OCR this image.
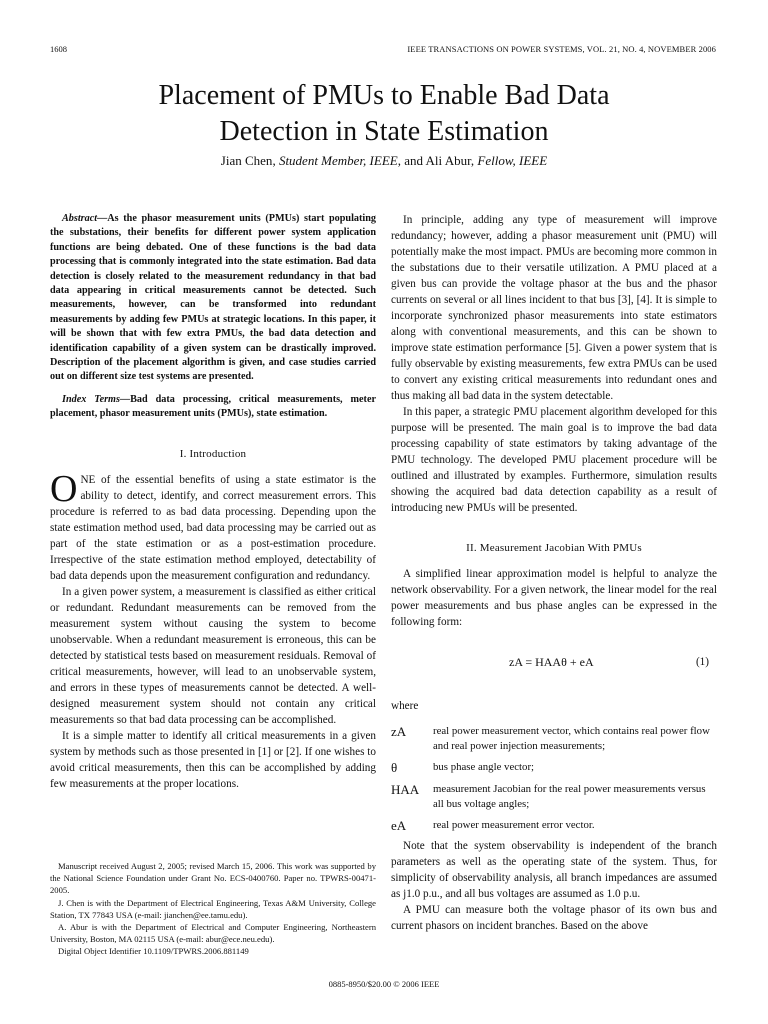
1608	IEEE TRANSACTIONS ON POWER SYSTEMS, VOL. 21, NO. 4, NOVEMBER 2006
Placement of PMUs to Enable Bad Data
Detection in State Estimation
Jian Chen, Student Member, IEEE, and Ali Abur, Fellow, IEEE

Abstract—As the phasor measurement units (PMUs) start populating the substations, their benefits for different power system application functions are being debated. One of these functions is the bad data processing that is commonly integrated into the state estimation. Bad data detection is closely related to the measurement redundancy in that bad data appearing in critical measurements cannot be detected. Such measurements, however, can be transformed into redundant measurements by adding few PMUs at strategic locations. In this paper, it will be shown that with few extra PMUs, the bad data detection and identification capability of a given system can be drastically improved. Description of the placement algorithm is given, and case studies carried out on different size test systems are presented.

Index Terms—Bad data processing, critical measurements, meter placement, phasor measurement units (PMUs), state estimation.

I. Introduction

ONE of the essential benefits of using a state estimator is the ability to detect, identify, and correct measurement errors. This procedure is referred to as bad data processing. Depending upon the state estimation method used, bad data processing may be carried out as part of the state estimation or as a post-estimation procedure. Irrespective of the state estimation method employed, detectability of bad data depends upon the measurement configuration and redundancy.

In a given power system, a measurement is classified as either critical or redundant. Redundant measurements can be removed from the measurement system without causing the system to become unobservable. When a redundant measurement is erroneous, this can be detected by statistical tests based on measurement residuals. Removal of critical measurements, however, will lead to an unobservable system, and errors in these types of measurements cannot be detected. A well-designed measurement system should not contain any critical measurements so that bad data processing can be accomplished.

It is a simple matter to identify all critical measurements in a given system by methods such as those presented in [1] or [2]. If one wishes to avoid critical measurements, then this can be accomplished by adding few measurements at the proper locations.

In principle, adding any type of measurement will improve redundancy; however, adding a phasor measurement unit (PMU) will potentially make the most impact. PMUs are becoming more common in the substations due to their versatile utilization. A PMU placed at a given bus can provide the voltage phasor at the bus and the phasor currents on several or all lines incident to that bus [3], [4]. It is simple to incorporate synchronized phasor measurements into state estimators along with conventional measurements, and this can be shown to improve state estimation performance [5]. Given a power system that is fully observable by existing measurements, few extra PMUs can be used to convert any existing critical measurements into redundant ones and thus making all bad data in the system detectable.

In this paper, a strategic PMU placement algorithm developed for this purpose will be presented. The main goal is to improve the bad data processing capability of state estimators by taking advantage of the PMU technology. The developed PMU placement procedure will be outlined and illustrated by examples. Furthermore, simulation results showing the acquired bad data detection capability as a result of introducing new PMUs will be presented.

II. Measurement Jacobian With PMUs

A simplified linear approximation model is helpful to analyze the network observability. For a given network, the linear model for the real power measurements and bus phase angles can be expressed in the following form:

zA = HAAθ + eA	(1)

where

zA	real power measurement vector, which contains real power flow and real power injection measurements;
θ	bus phase angle vector;
HAA	measurement Jacobian for the real power measurements versus all bus voltage angles;
eA	real power measurement error vector.

Note that the system observability is independent of the branch parameters as well as the operating state of the system. Thus, for simplicity of observability analysis, all branch impedances are assumed as j1.0 p.u., and all bus voltages are assumed as 1.0 p.u.

A PMU can measure both the voltage phasor of its own bus and current phasors on incident branches. Based on the above

Manuscript received August 2, 2005; revised March 15, 2006. This work was supported by the National Science Foundation under Grant No. ECS-0400760. Paper no. TPWRS-00471-2005.

J. Chen is with the Department of Electrical Engineering, Texas A&M University, College Station, TX 77843 USA (e-mail: jianchen@ee.tamu.edu).

A. Abur is with the Department of Electrical and Computer Engineering, Northeastern University, Boston, MA 02115 USA (e-mail: abur@ece.neu.edu).

Digital Object Identifier 10.1109/TPWRS.2006.881149

0885-8950/$20.00 © 2006 IEEE
